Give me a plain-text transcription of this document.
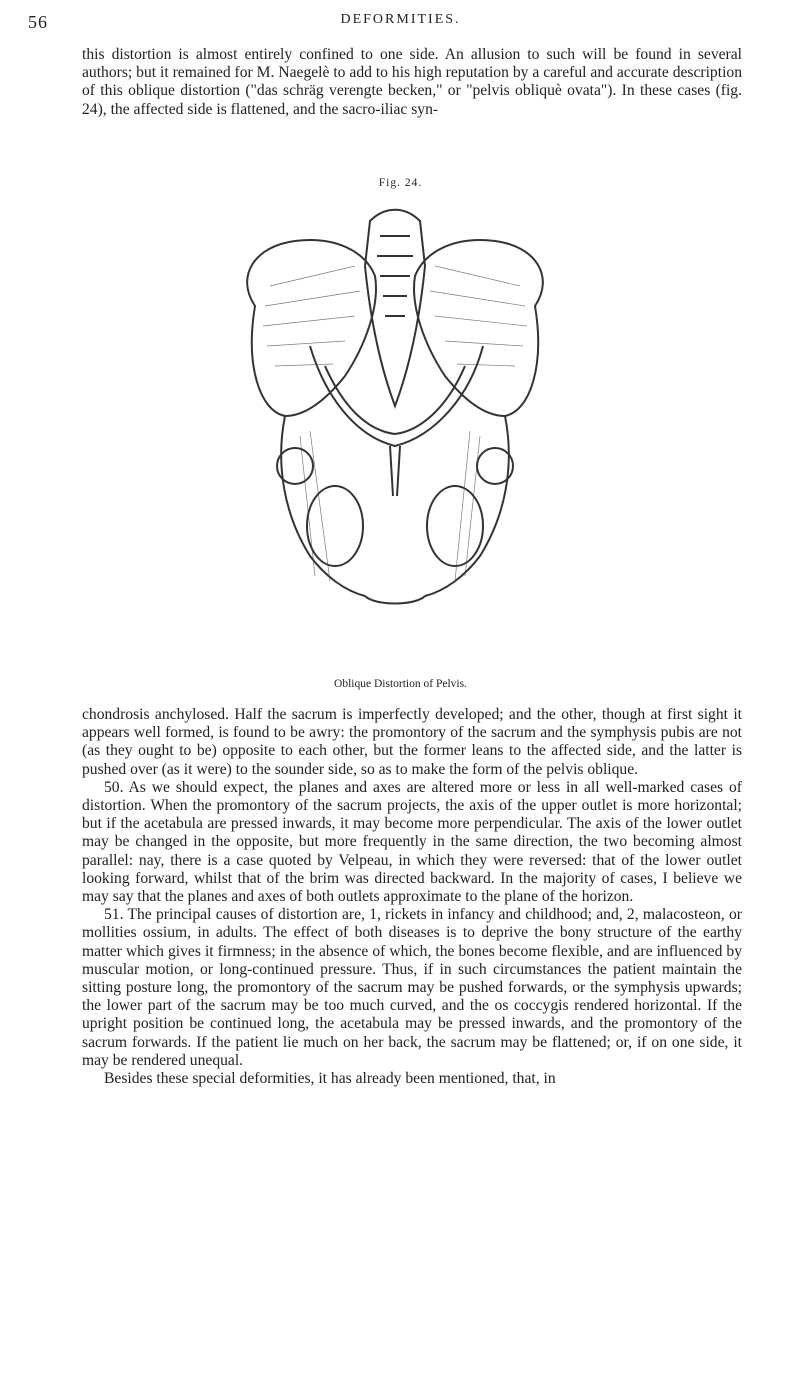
56	DEFORMITIES.

this distortion is almost entirely confined to one side. An allusion to such will be found in several authors; but it remained for M. Naegelè to add to his high reputation by a careful and accurate description of this oblique distortion ("das schräg verengte becken," or "pelvis obliquè ovata"). In these cases (fig. 24), the affected side is flattened, and the sacro-iliac syn-

Fig. 24.
Oblique Distortion of Pelvis.

chondrosis anchylosed. Half the sacrum is imperfectly developed; and the other, though at first sight it appears well formed, is found to be awry: the promontory of the sacrum and the symphysis pubis are not (as they ought to be) opposite to each other, but the former leans to the affected side, and the latter is pushed over (as it were) to the sounder side, so as to make the form of the pelvis oblique.

50. As we should expect, the planes and axes are altered more or less in all well-marked cases of distortion. When the promontory of the sacrum projects, the axis of the upper outlet is more horizontal; but if the acetabula are pressed inwards, it may become more perpendicular. The axis of the lower outlet may be changed in the opposite, but more frequently in the same direction, the two becoming almost parallel: nay, there is a case quoted by Velpeau, in which they were reversed: that of the lower outlet looking forward, whilst that of the brim was directed backward. In the majority of cases, I believe we may say that the planes and axes of both outlets approximate to the plane of the horizon.

51. The principal causes of distortion are, 1, rickets in infancy and childhood; and, 2, malacosteon, or mollities ossium, in adults. The effect of both diseases is to deprive the bony structure of the earthy matter which gives it firmness; in the absence of which, the bones become flexible, and are influenced by muscular motion, or long-continued pressure. Thus, if in such circumstances the patient maintain the sitting posture long, the promontory of the sacrum may be pushed forwards, or the symphysis upwards; the lower part of the sacrum may be too much curved, and the os coccygis rendered horizontal. If the upright position be continued long, the acetabula may be pressed inwards, and the promontory of the sacrum forwards. If the patient lie much on her back, the sacrum may be flattened; or, if on one side, it may be rendered unequal.

Besides these special deformities, it has already been mentioned, that, in
